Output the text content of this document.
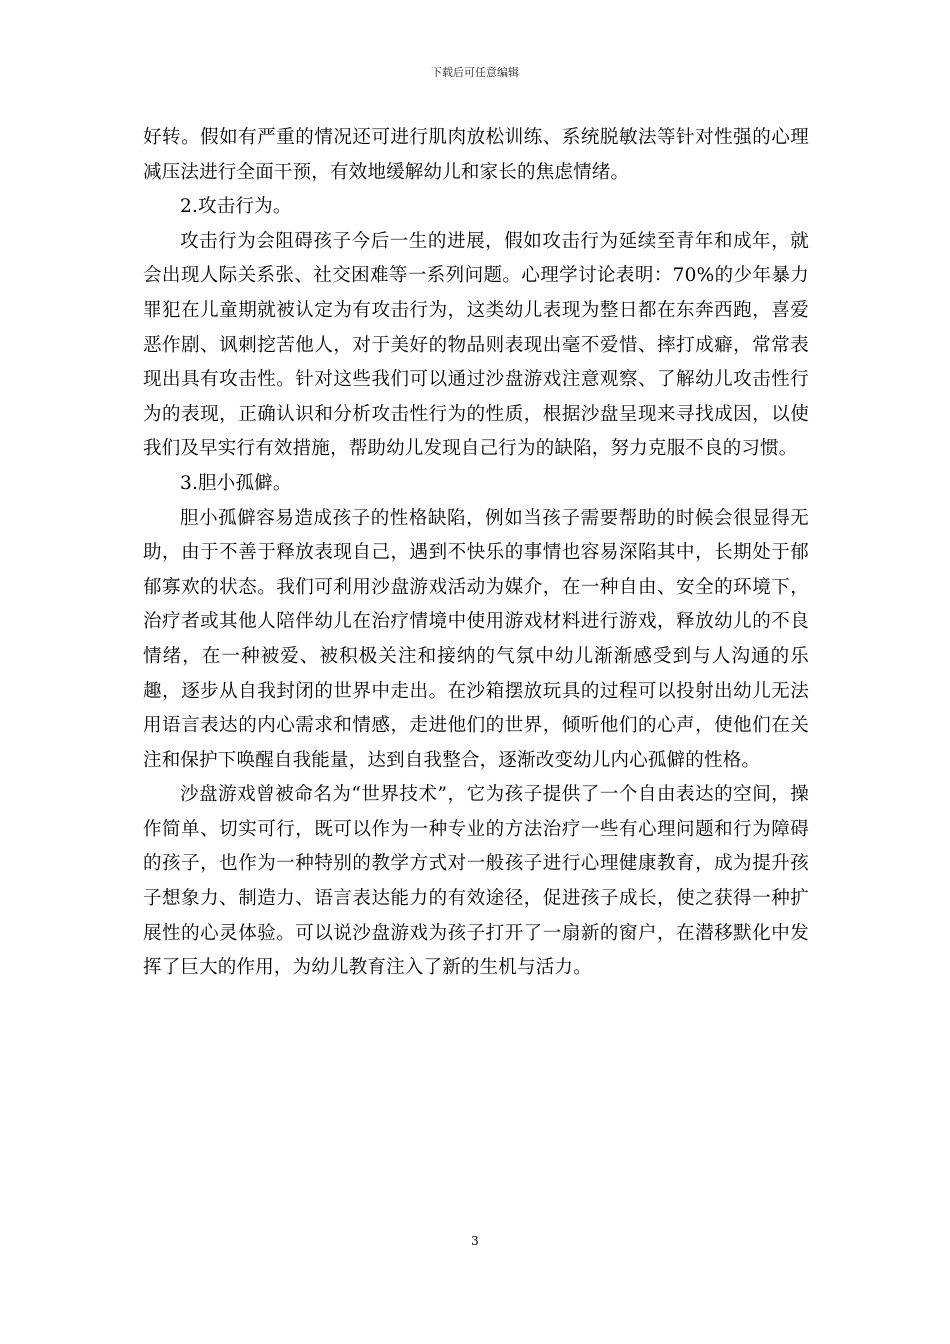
下载后可任意编辑

好转。假如有严重的情况还可进行肌肉放松训练、系统脱敏法等针对性强的心理减压法进行全面干预，有效地缓解幼儿和家长的焦虑情绪。

2.攻击行为。

攻击行为会阻碍孩子今后一生的进展，假如攻击行为延续至青年和成年，就会出现人际关系张、社交困难等一系列问题。心理学讨论表明：70%的少年暴力罪犯在儿童期就被认定为有攻击行为，这类幼儿表现为整日都在东奔西跑，喜爱恶作剧、讽刺挖苦他人，对于美好的物品则表现出毫不爱惜、摔打成癖，常常表现出具有攻击性。针对这些我们可以通过沙盘游戏注意观察、了解幼儿攻击性行为的表现，正确认识和分析攻击性行为的性质，根据沙盘呈现来寻找成因，以使我们及早实行有效措施，帮助幼儿发现自己行为的缺陷，努力克服不良的习惯。

3.胆小孤僻。

胆小孤僻容易造成孩子的性格缺陷，例如当孩子需要帮助的时候会很显得无助，由于不善于释放表现自己，遇到不快乐的事情也容易深陷其中，长期处于郁郁寡欢的状态。我们可利用沙盘游戏活动为媒介，在一种自由、安全的环境下，治疗者或其他人陪伴幼儿在治疗情境中使用游戏材料进行游戏，释放幼儿的不良情绪，在一种被爱、被积极关注和接纳的气氛中幼儿渐渐感受到与人沟通的乐趣，逐步从自我封闭的世界中走出。在沙箱摆放玩具的过程可以投射出幼儿无法用语言表达的内心需求和情感，走进他们的世界，倾听他们的心声，使他们在关注和保护下唤醒自我能量，达到自我整合，逐渐改变幼儿内心孤僻的性格。

沙盘游戏曾被命名为“世界技术”，它为孩子提供了一个自由表达的空间，操作简单、切实可行，既可以作为一种专业的方法治疗一些有心理问题和行为障碍的孩子，也作为一种特别的教学方式对一般孩子进行心理健康教育，成为提升孩子想象力、制造力、语言表达能力的有效途径，促进孩子成长，使之获得一种扩展性的心灵体验。可以说沙盘游戏为孩子打开了一扇新的窗户，在潜移默化中发挥了巨大的作用，为幼儿教育注入了新的生机与活力。

3
